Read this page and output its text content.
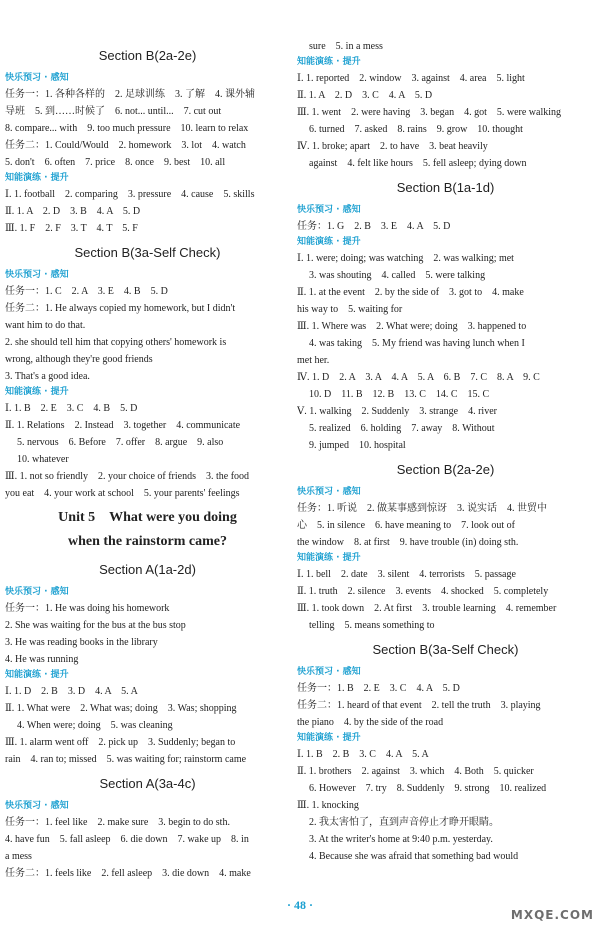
Section B(2a-2e)
快乐预习 · 感知
任务一：1. 各种各样的　2. 足球训练　3. 了解　4. 课外辅
导班　5. 到……时候了　6. not... until...　7. cut out
8. compare... with　9. too much pressure　10. learn to relax
任务二：1. Could/Would　2. homework　3. lot　4. watch
5. don't　6. often　7. price　8. once　9. best　10. all
知能演练 · 提升
Ⅰ. 1. football　2. comparing　3. pressure　4. cause　5. skills
Ⅱ. 1. A　2. D　3. B　4. A　5. D
Ⅲ. 1. F　2. F　3. T　4. T　5. F
Section B(3a-Self Check)
快乐预习 · 感知
任务一：1. C　2. A　3. E　4. B　5. D
任务二：1. He always copied my homework, but I didn't
want him to do that.
2. she should tell him that copying others' homework is
wrong, although they're good friends
3. That's a good idea.
知能演练 · 提升
Ⅰ. 1. B　2. E　3. C　4. B　5. D
Ⅱ. 1. Relations　2. Instead　3. together　4. communicate
5. nervous　6. Before　7. offer　8. argue　9. also
10. whatever
Ⅲ. 1. not so friendly　2. your choice of friends　3. the food
you eat　4. your work at school　5. your parents' feelings
Unit 5　What were you doing
when the rainstorm came?
Section A(1a-2d)
快乐预习 · 感知
任务一：1. He was doing his homework
2. She was waiting for the bus at the bus stop
3. He was reading books in the library
4. He was running
知能演练 · 提升
Ⅰ. 1. D　2. B　3. D　4. A　5. A
Ⅱ. 1. What were　2. What was; doing　3. Was; shopping
4. When were; doing　5. was cleaning
Ⅲ. 1. alarm went off　2. pick up　3. Suddenly; began to
rain　4. ran to; missed　5. was waiting for; rainstorm came
Section A(3a-4c)
快乐预习 · 感知
任务一：1. feel like　2. make sure　3. begin to do sth.
4. have fun　5. fall asleep　6. die down　7. wake up　8. in
a mess
任务二：1. feels like　2. fell asleep　3. die down　4. make
sure　5. in a mess
知能演练 · 提升
Ⅰ. 1. reported　2. window　3. against　4. area　5. light
Ⅱ. 1. A　2. D　3. C　4. A　5. D
Ⅲ. 1. went　2. were having　3. began　4. got　5. were walking
6. turned　7. asked　8. rains　9. grow　10. thought
Ⅳ. 1. broke; apart　2. to have　3. beat heavily
against　4. felt like hours　5. fell asleep; dying down
Section B(1a-1d)
快乐预习 · 感知
任务：1. G　2. B　3. E　4. A　5. D
知能演练 · 提升
Ⅰ. 1. were; doing; was watching　2. was walking; met
3. was shouting　4. called　5. were talking
Ⅱ. 1. at the event　2. by the side of　3. got to　4. make
his way to　5. waiting for
Ⅲ. 1. Where was　2. What were; doing　3. happened to
4. was taking　5. My friend was having lunch when I
met her.
Ⅳ. 1. D　2. A　3. A　4. A　5. A　6. B　7. C　8. A　9. C
10. D　11. B　12. B　13. C　14. C　15. C
Ⅴ. 1. walking　2. Suddenly　3. strange　4. river
5. realized　6. holding　7. away　8. Without
9. jumped　10. hospital
Section B(2a-2e)
快乐预习 · 感知
任务：1. 听说　2. 做某事感到惊讶　3. 说实话　4. 世贸中
心　5. in silence　6. have meaning to　7. look out of
the window　8. at first　9. have trouble (in) doing sth.
知能演练 · 提升
Ⅰ. 1. bell　2. date　3. silent　4. terrorists　5. passage
Ⅱ. 1. truth　2. silence　3. events　4. shocked　5. completely
Ⅲ. 1. took down　2. At first　3. trouble learning　4. remember
telling　5. means something to
Section B(3a-Self Check)
快乐预习 · 感知
任务一：1. B　2. E　3. C　4. A　5. D
任务二：1. heard of that event　2. tell the truth　3. playing
the piano　4. by the side of the road
知能演练 · 提升
Ⅰ. 1. B　2. B　3. C　4. A　5. A
Ⅱ. 1. brothers　2. against　3. which　4. Both　5. quicker
6. However　7. try　8. Suddenly　9. strong　10. realized
Ⅲ. 1. knocking
2. 我太害怕了，直到声音停止才睁开眼睛。
3. At the writer's home at 9:40 p.m. yesterday.
4. Because she was afraid that something bad would
· 48 ·
MXQE.COM
